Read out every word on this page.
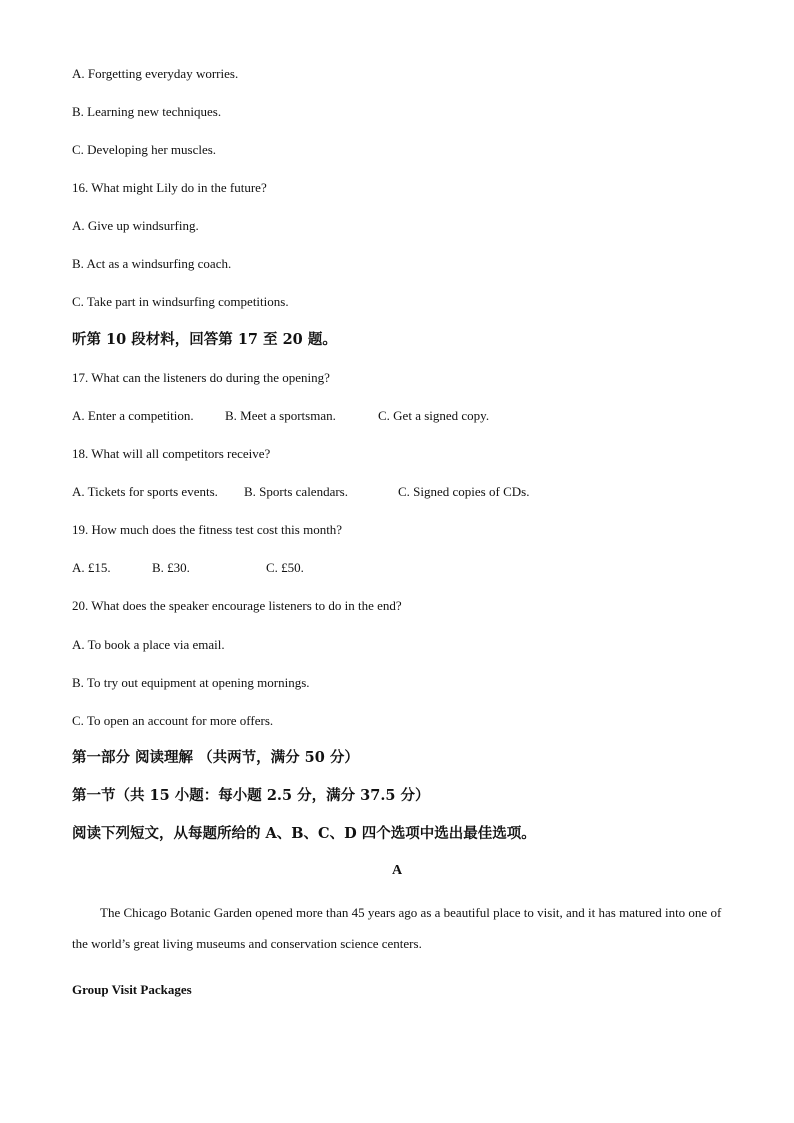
A. Forgetting everyday worries.
B. Learning new techniques.
C. Developing her muscles.
16. What might Lily do in the future?
A. Give up windsurfing.
B. Act as a windsurfing coach.
C. Take part in windsurfing competitions.
听第 10 段材料，回答第 17 至 20 题。
17. What can the listeners do during the opening?
A. Enter a competition. B. Meet a sportsman.	C. Get a signed copy.
18. What will all competitors receive?
A. Tickets for sports events. B. Sports calendars.	C. Signed copies of CDs.
19. How much does the fitness test cost this month?
A. £15.	B. £30.	C. £50.
20. What does the speaker encourage listeners to do in the end?
A. To book a place via email.
B. To try out equipment at opening mornings.
C. To open an account for more offers.
第一部分 阅读理解 （共两节，满分 50 分）
第一节（共 15 小题：每小题 2.5 分，满分 37.5 分）
阅读下列短文，从每题所给的 A、B、C、D 四个选项中选出最佳选项。
A
The Chicago Botanic Garden opened more than 45 years ago as a beautiful place to visit, and it has matured into one of the world’s great living museums and conservation science centers.
Group Visit Packages
